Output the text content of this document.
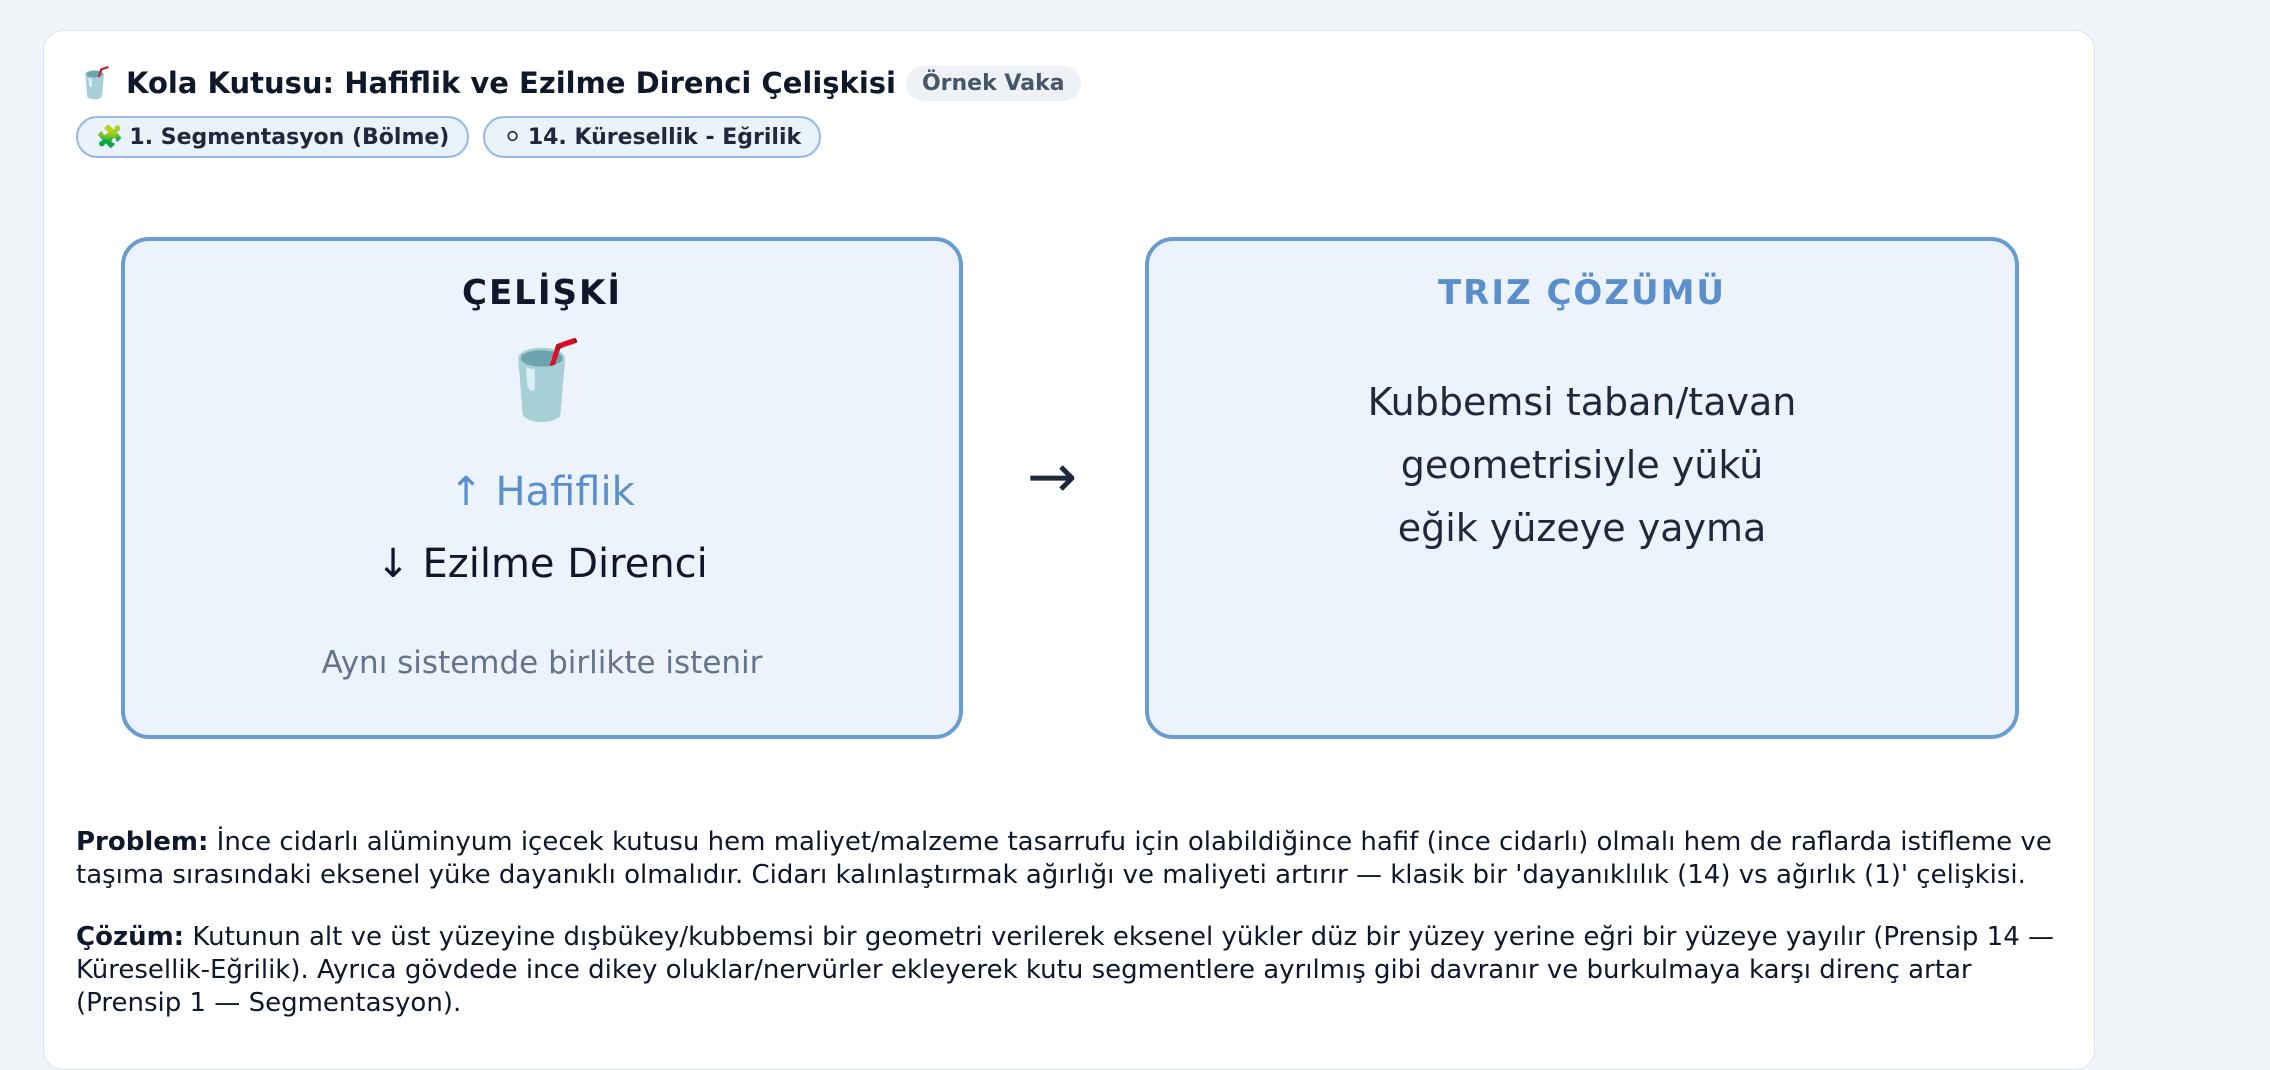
🥤 Kola Kutusu: Hafiflik ve Ezilme Direnci Çelişkisi	Örnek Vaka
🧩 1. Segmentasyon (Bölme) ⚪ 14. Küresellik - Eğrilik
ÇELİŞKİ
🥤
↑ Hafiflik
↓ Ezilme Direnci
Aynı sistemde birlikte istenir
→
TRIZ ÇÖZÜMÜ
Kubbemsi taban/tavan
geometrisiyle yükü
eğik yüzeye yayma
Problem: İnce cidarlı alüminyum içecek kutusu hem maliyet/malzeme tasarrufu için olabildiğince hafif (ince cidarlı) olmalı hem de raflarda istifleme ve taşıma sırasındaki eksenel yüke dayanıklı olmalıdır. Cidarı kalınlaştırmak ağırlığı ve maliyeti artırır — klasik bir 'dayanıklılık (14) vs ağırlık (1)' çelişkisi.
Çözüm: Kutunun alt ve üst yüzeyine dışbükey/kubbemsi bir geometri verilerek eksenel yükler düz bir yüzey yerine eğri bir yüzeye yayılır (Prensip 14 — Küresellik-Eğrilik). Ayrıca gövdede ince dikey oluklar/nervürler ekleyerek kutu segmentlere ayrılmış gibi davranır ve burkulmaya karşı direnç artar (Prensip 1 — Segmentasyon).
